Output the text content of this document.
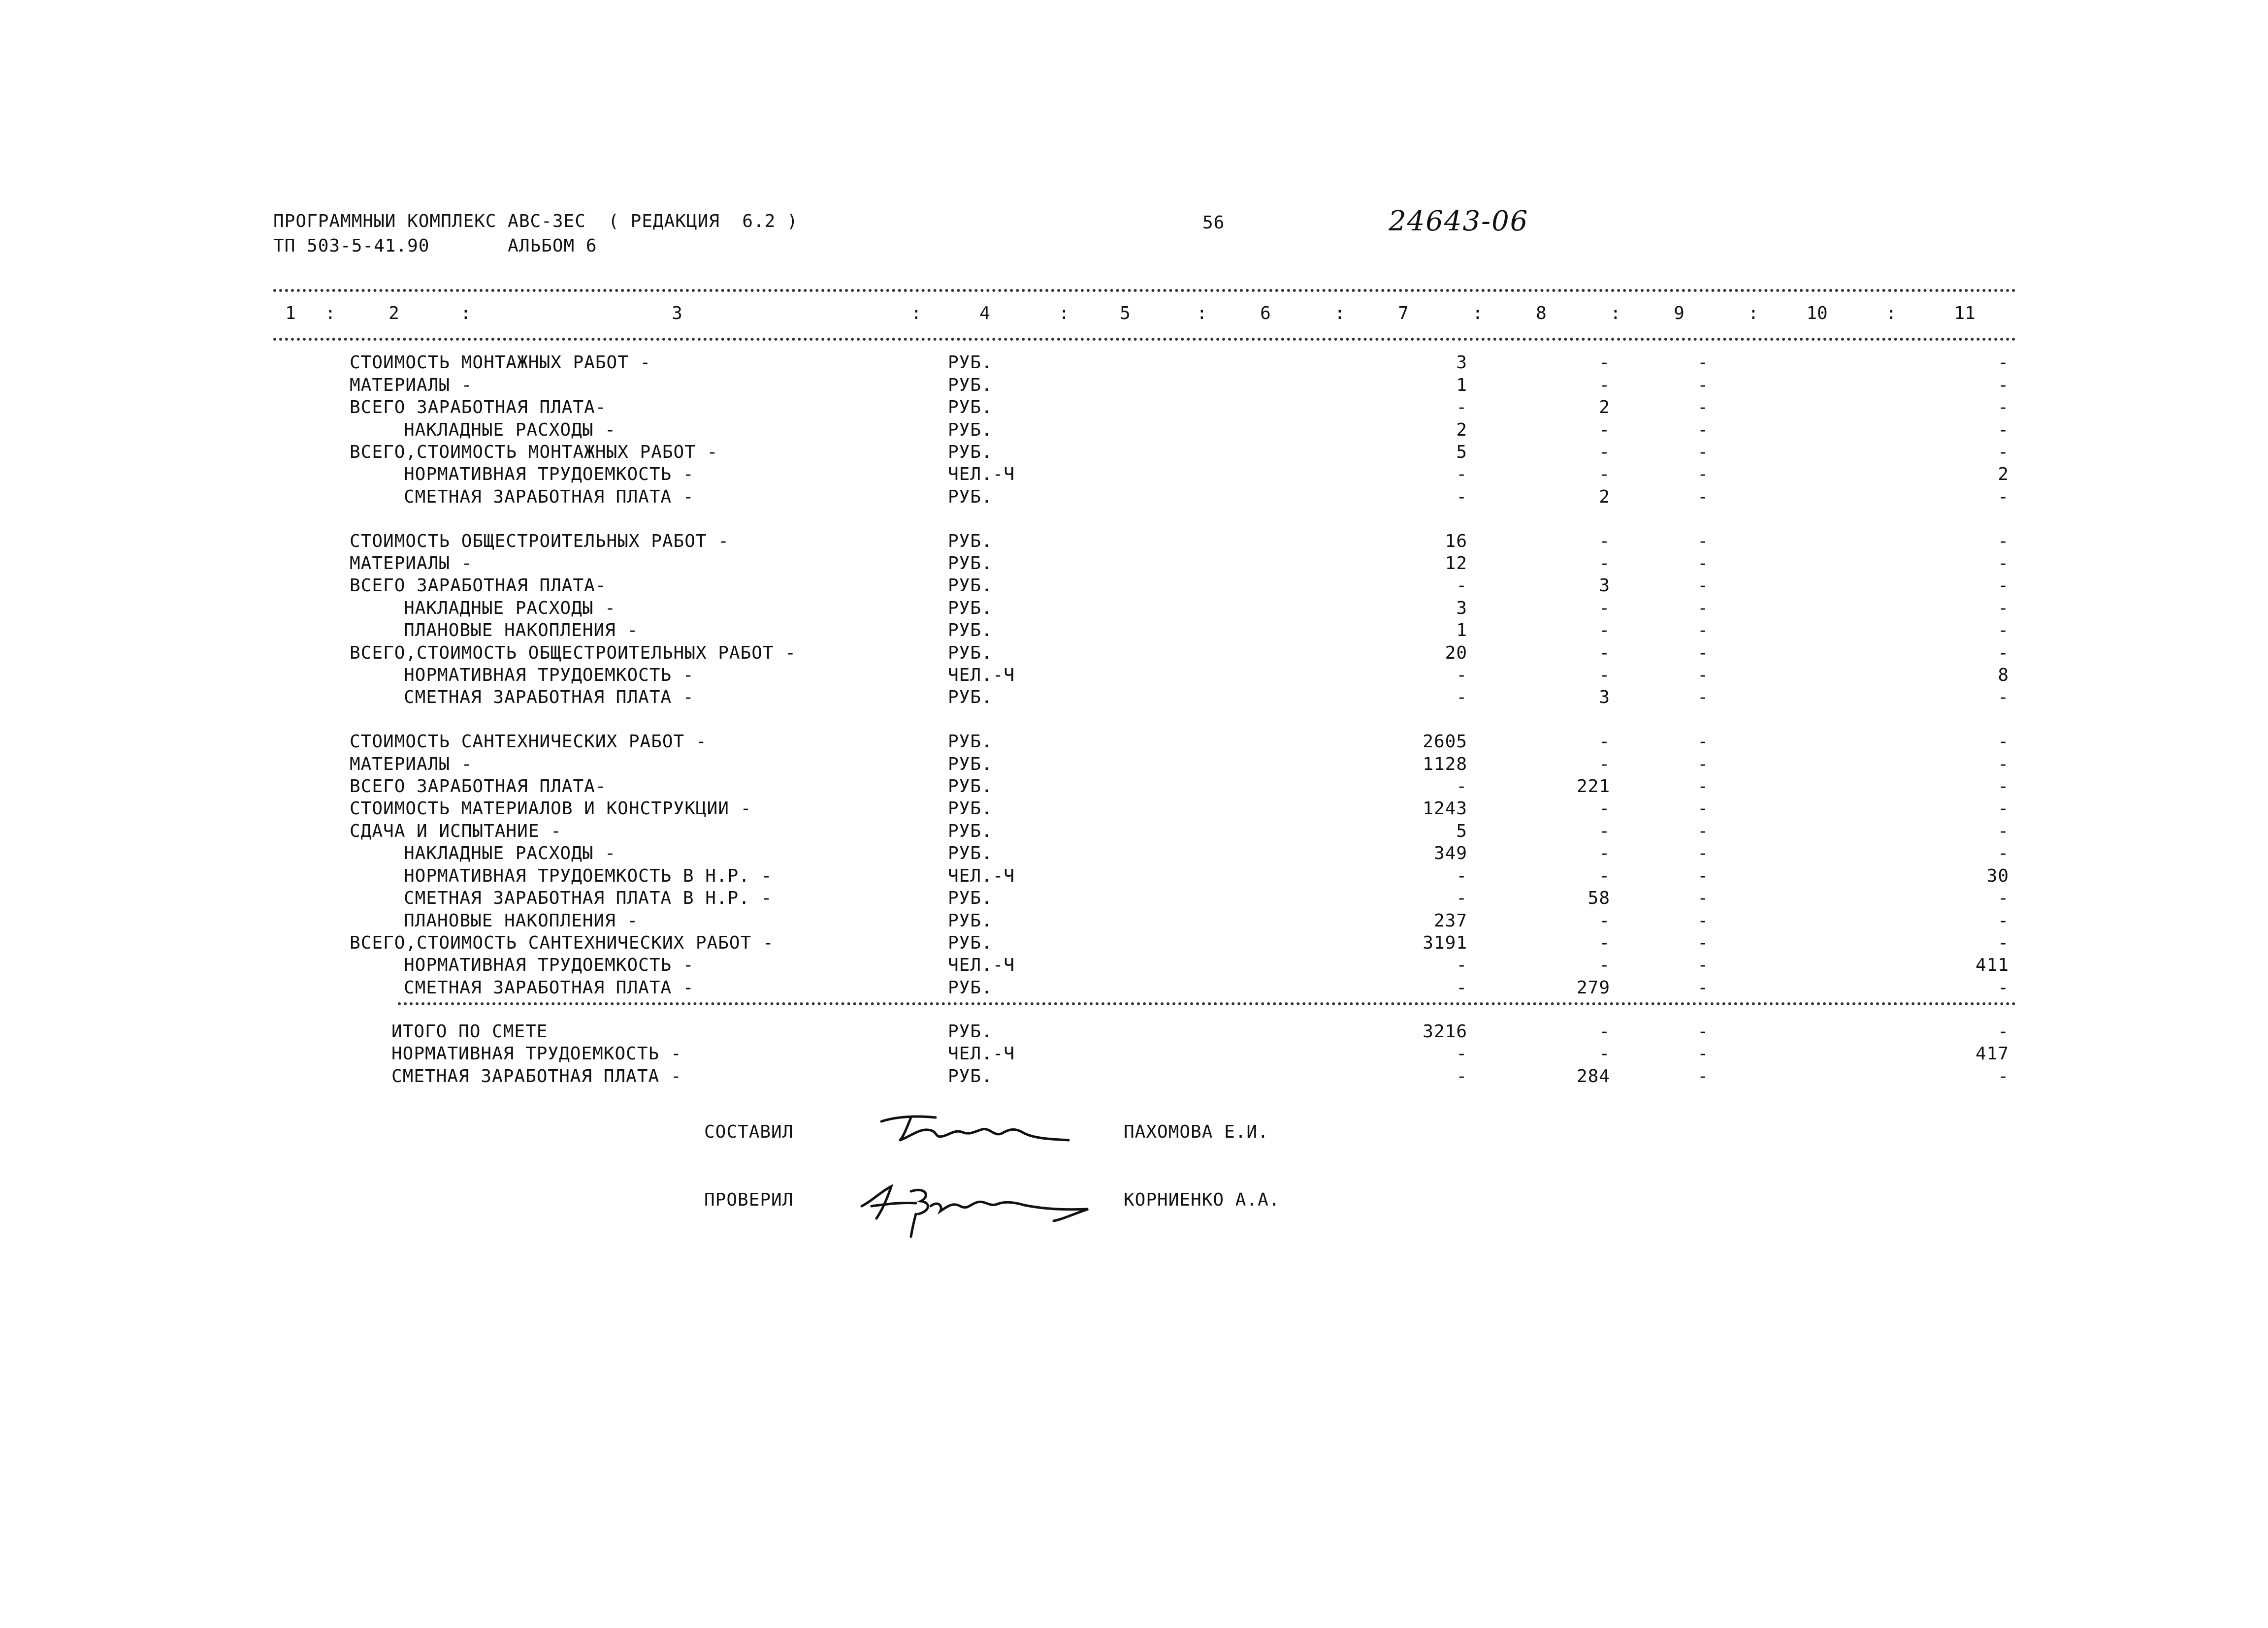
ПРОГРАММНЫИ КОМПЛЕКС АВС-3ЕС  ( РЕДАКЦИЯ  6.2 )
ТП 503-5-41.90       АЛЬБОМ 6
56	24643-06
1	2	3	4	5	6	7	8	9	10	11
:	:	:	:	:	:	:	:	:	:
СТОИМОСТЬ МОНТАЖНЫХ РАБОТ -	РУБ.	3	-	-	-
МАТЕРИАЛЫ -	РУБ.	1	-	-	-
ВСЕГО ЗАРАБОТНАЯ ПЛАТА-	РУБ.	-	2	-	-
НАКЛАДНЫЕ РАСХОДЫ -	РУБ.	2	-	-	-
ВСЕГО,СТОИМОСТЬ МОНТАЖНЫХ РАБОТ -	РУБ.	5	-	-	-
НОРМАТИВНАЯ ТРУДОЕМКОСТЬ -	ЧЕЛ.-Ч	-	-	-	2
СМЕТНАЯ ЗАРАБОТНАЯ ПЛАТА -	РУБ.	-	2	-	-
СТОИМОСТЬ ОБЩЕСТРОИТЕЛЬНЫХ РАБОТ -	РУБ.	16	-	-	-
МАТЕРИАЛЫ -	РУБ.	12	-	-	-
ВСЕГО ЗАРАБОТНАЯ ПЛАТА-	РУБ.	-	3	-	-
НАКЛАДНЫЕ РАСХОДЫ -	РУБ.	3	-	-	-
ПЛАНОВЫЕ НАКОПЛЕНИЯ -	РУБ.	1	-	-	-
ВСЕГО,СТОИМОСТЬ ОБЩЕСТРОИТЕЛЬНЫХ РАБОТ -	РУБ.	20	-	-	-
НОРМАТИВНАЯ ТРУДОЕМКОСТЬ -	ЧЕЛ.-Ч	-	-	-	8
СМЕТНАЯ ЗАРАБОТНАЯ ПЛАТА -	РУБ.	-	3	-	-
СТОИМОСТЬ САНТЕХНИЧЕСКИХ РАБОТ -	РУБ.	2605	-	-	-
МАТЕРИАЛЫ -	РУБ.	1128	-	-	-
ВСЕГО ЗАРАБОТНАЯ ПЛАТА-	РУБ.	-	221	-	-
СТОИМОСТЬ МАТЕРИАЛОВ И КОНСТРУКЦИИ -	РУБ.	1243	-	-	-
СДАЧА И ИСПЫТАНИЕ -	РУБ.	5	-	-	-
НАКЛАДНЫЕ РАСХОДЫ -	РУБ.	349	-	-	-
НОРМАТИВНАЯ ТРУДОЕМКОСТЬ В Н.Р. -	ЧЕЛ.-Ч	-	-	-	30
СМЕТНАЯ ЗАРАБОТНАЯ ПЛАТА В Н.Р. -	РУБ.	-	58	-	-
ПЛАНОВЫЕ НАКОПЛЕНИЯ -	РУБ.	237	-	-	-
ВСЕГО,СТОИМОСТЬ САНТЕХНИЧЕСКИХ РАБОТ -	РУБ.	3191	-	-	-
НОРМАТИВНАЯ ТРУДОЕМКОСТЬ -	ЧЕЛ.-Ч	-	-	-	411
СМЕТНАЯ ЗАРАБОТНАЯ ПЛАТА -	РУБ.	-	279	-	-
ИТОГО ПО СМЕТЕ	РУБ.	3216	-	-	-
НОРМАТИВНАЯ ТРУДОЕМКОСТЬ -	ЧЕЛ.-Ч	-	-	-	417
СМЕТНАЯ ЗАРАБОТНАЯ ПЛАТА -	РУБ.	-	284	-	-
СОСТАВИЛ	ПАХОМОВА Е.И.
ПРОВЕРИЛ	КОРНИЕНКО А.А.
